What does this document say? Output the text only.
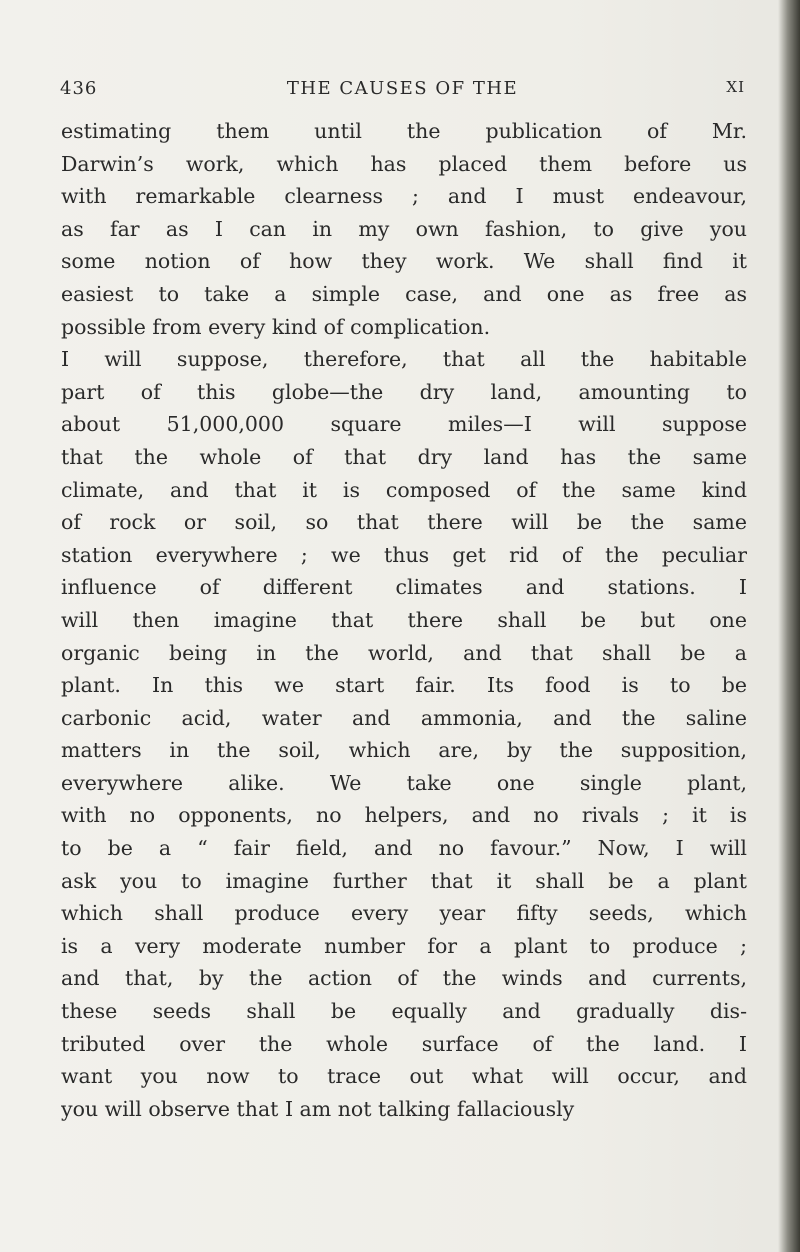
436	THE CAUSES OF THE	XI
estimating them until the publication of Mr.
Darwin’s work, which has placed them before us
with remarkable clearness ; and I must endeavour,
as far as I can in my own fashion, to give you
some notion of how they work. We shall find it
easiest to take a simple case, and one as free as
possible from every kind of complication.
I will suppose, therefore, that all the habitable
part of this globe—the dry land, amounting to
about 51,000,000 square miles—I will suppose
that the whole of that dry land has the same
climate, and that it is composed of the same kind
of rock or soil, so that there will be the same
station everywhere ; we thus get rid of the peculiar
influence of different climates and stations. I
will then imagine that there shall be but one
organic being in the world, and that shall be a
plant. In this we start fair. Its food is to be
carbonic acid, water and ammonia, and the saline
matters in the soil, which are, by the supposition,
everywhere alike. We take one single plant,
with no opponents, no helpers, and no rivals ; it is
to be a “ fair field, and no favour.” Now, I will
ask you to imagine further that it shall be a plant
which shall produce every year fifty seeds, which
is a very moderate number for a plant to produce ;
and that, by the action of the winds and currents,
these seeds shall be equally and gradually dis-
tributed over the whole surface of the land. I
want you now to trace out what will occur, and
you will observe that I am not talking fallaciously
